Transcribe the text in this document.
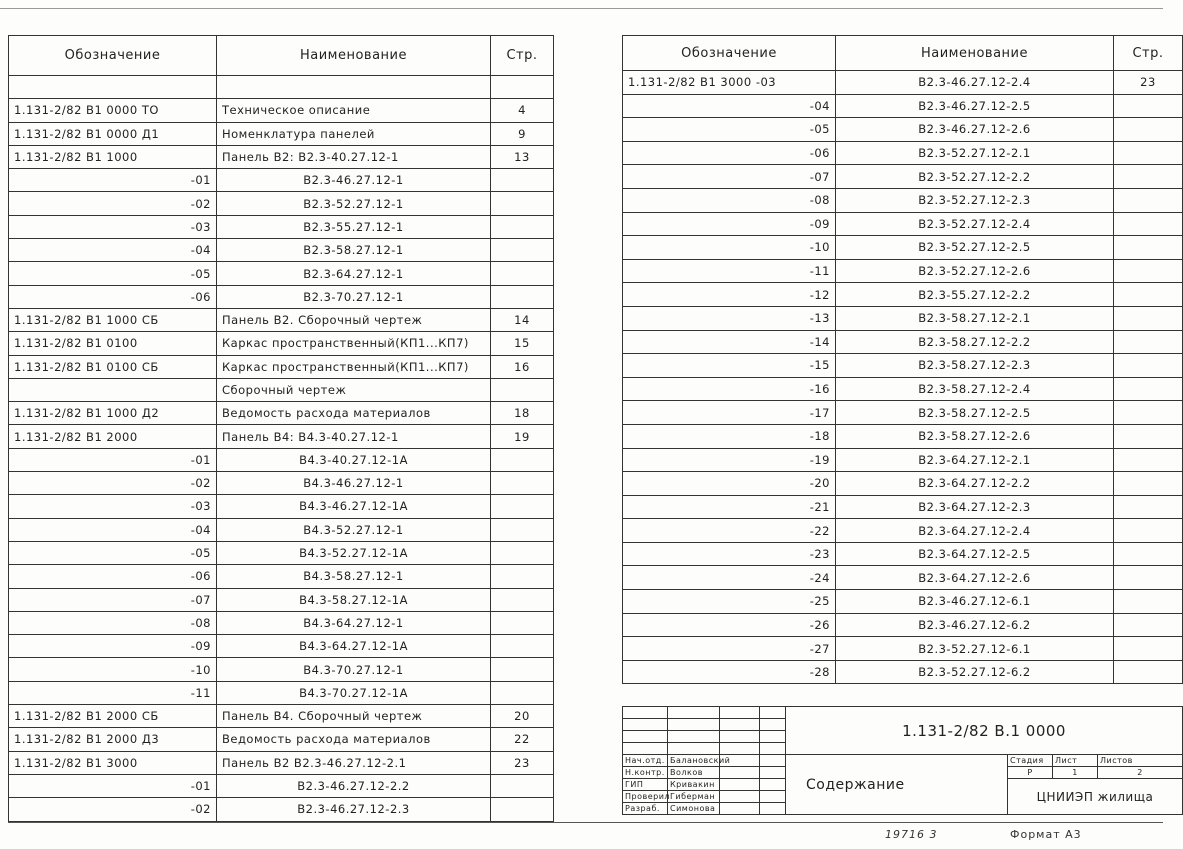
Обозначение	Наименование	Стр.

1.131-2/82 В1 0000 ТО	Техническое описание	4
1.131-2/82 В1 0000 Д1	Номенклатура панелей	9
1.131-2/82 В1 1000	Панель В2: В2.3-40.27.12-1	13
-01	В2.3-46.27.12-1	
-02	В2.3-52.27.12-1	
-03	В2.3-55.27.12-1	
-04	В2.3-58.27.12-1	
-05	В2.3-64.27.12-1	
-06	В2.3-70.27.12-1	
1.131-2/82 В1 1000 СБ	Панель В2. Сборочный чертеж	14
1.131-2/82 В1 0100	Каркас пространственный(КП1...КП7)	15
1.131-2/82 В1 0100 СБ	Каркас пространственный(КП1...КП7)	16
	Сборочный чертеж	
1.131-2/82 В1 1000 Д2	Ведомость расхода материалов	18
1.131-2/82 В1 2000	Панель В4: В4.3-40.27.12-1	19
-01	В4.3-40.27.12-1А	
-02	В4.3-46.27.12-1	
-03	В4.3-46.27.12-1А	
-04	В4.3-52.27.12-1	
-05	В4.3-52.27.12-1А	
-06	В4.3-58.27.12-1	
-07	В4.3-58.27.12-1А	
-08	В4.3-64.27.12-1	
-09	В4.3-64.27.12-1А	
-10	В4.3-70.27.12-1	
-11	В4.3-70.27.12-1А	
1.131-2/82 В1 2000 СБ	Панель В4. Сборочный чертеж	20
1.131-2/82 В1 2000 Д3	Ведомость расхода материалов	22
1.131-2/82 В1 3000	Панель В2 В2.3-46.27.12-2.1	23
-01	В2.3-46.27.12-2.2	
-02	В2.3-46.27.12-2.3	
Обозначение	Наименование	Стр.
1.131-2/82 В1 3000 -03	В2.3-46.27.12-2.4	23
-04	В2.3-46.27.12-2.5	
-05	В2.3-46.27.12-2.6	
-06	В2.3-52.27.12-2.1	
-07	В2.3-52.27.12-2.2	
-08	В2.3-52.27.12-2.3	
-09	В2.3-52.27.12-2.4	
-10	В2.3-52.27.12-2.5	
-11	В2.3-52.27.12-2.6	
-12	В2.3-55.27.12-2.2	
-13	В2.3-58.27.12-2.1	
-14	В2.3-58.27.12-2.2	
-15	В2.3-58.27.12-2.3	
-16	В2.3-58.27.12-2.4	
-17	В2.3-58.27.12-2.5	
-18	В2.3-58.27.12-2.6	
-19	В2.3-64.27.12-2.1	
-20	В2.3-64.27.12-2.2	
-21	В2.3-64.27.12-2.3	
-22	В2.3-64.27.12-2.4	
-23	В2.3-64.27.12-2.5	
-24	В2.3-64.27.12-2.6	
-25	В2.3-46.27.12-6.1	
-26	В2.3-46.27.12-6.2	
-27	В2.3-52.27.12-6.1	
-28	В2.3-52.27.12-6.2	
				1.131-2/82 В.1 0000			

Нач.отд.	Балановский			Содержание	Стадия	Лист	Листов
Н.контр.	Волков				Р	1	2
ГИП	Кривакин				ЦНИИЭП жилища		
Проверил	Гиберман						
Разраб.	Симонова						
19716 3	Формат А3
